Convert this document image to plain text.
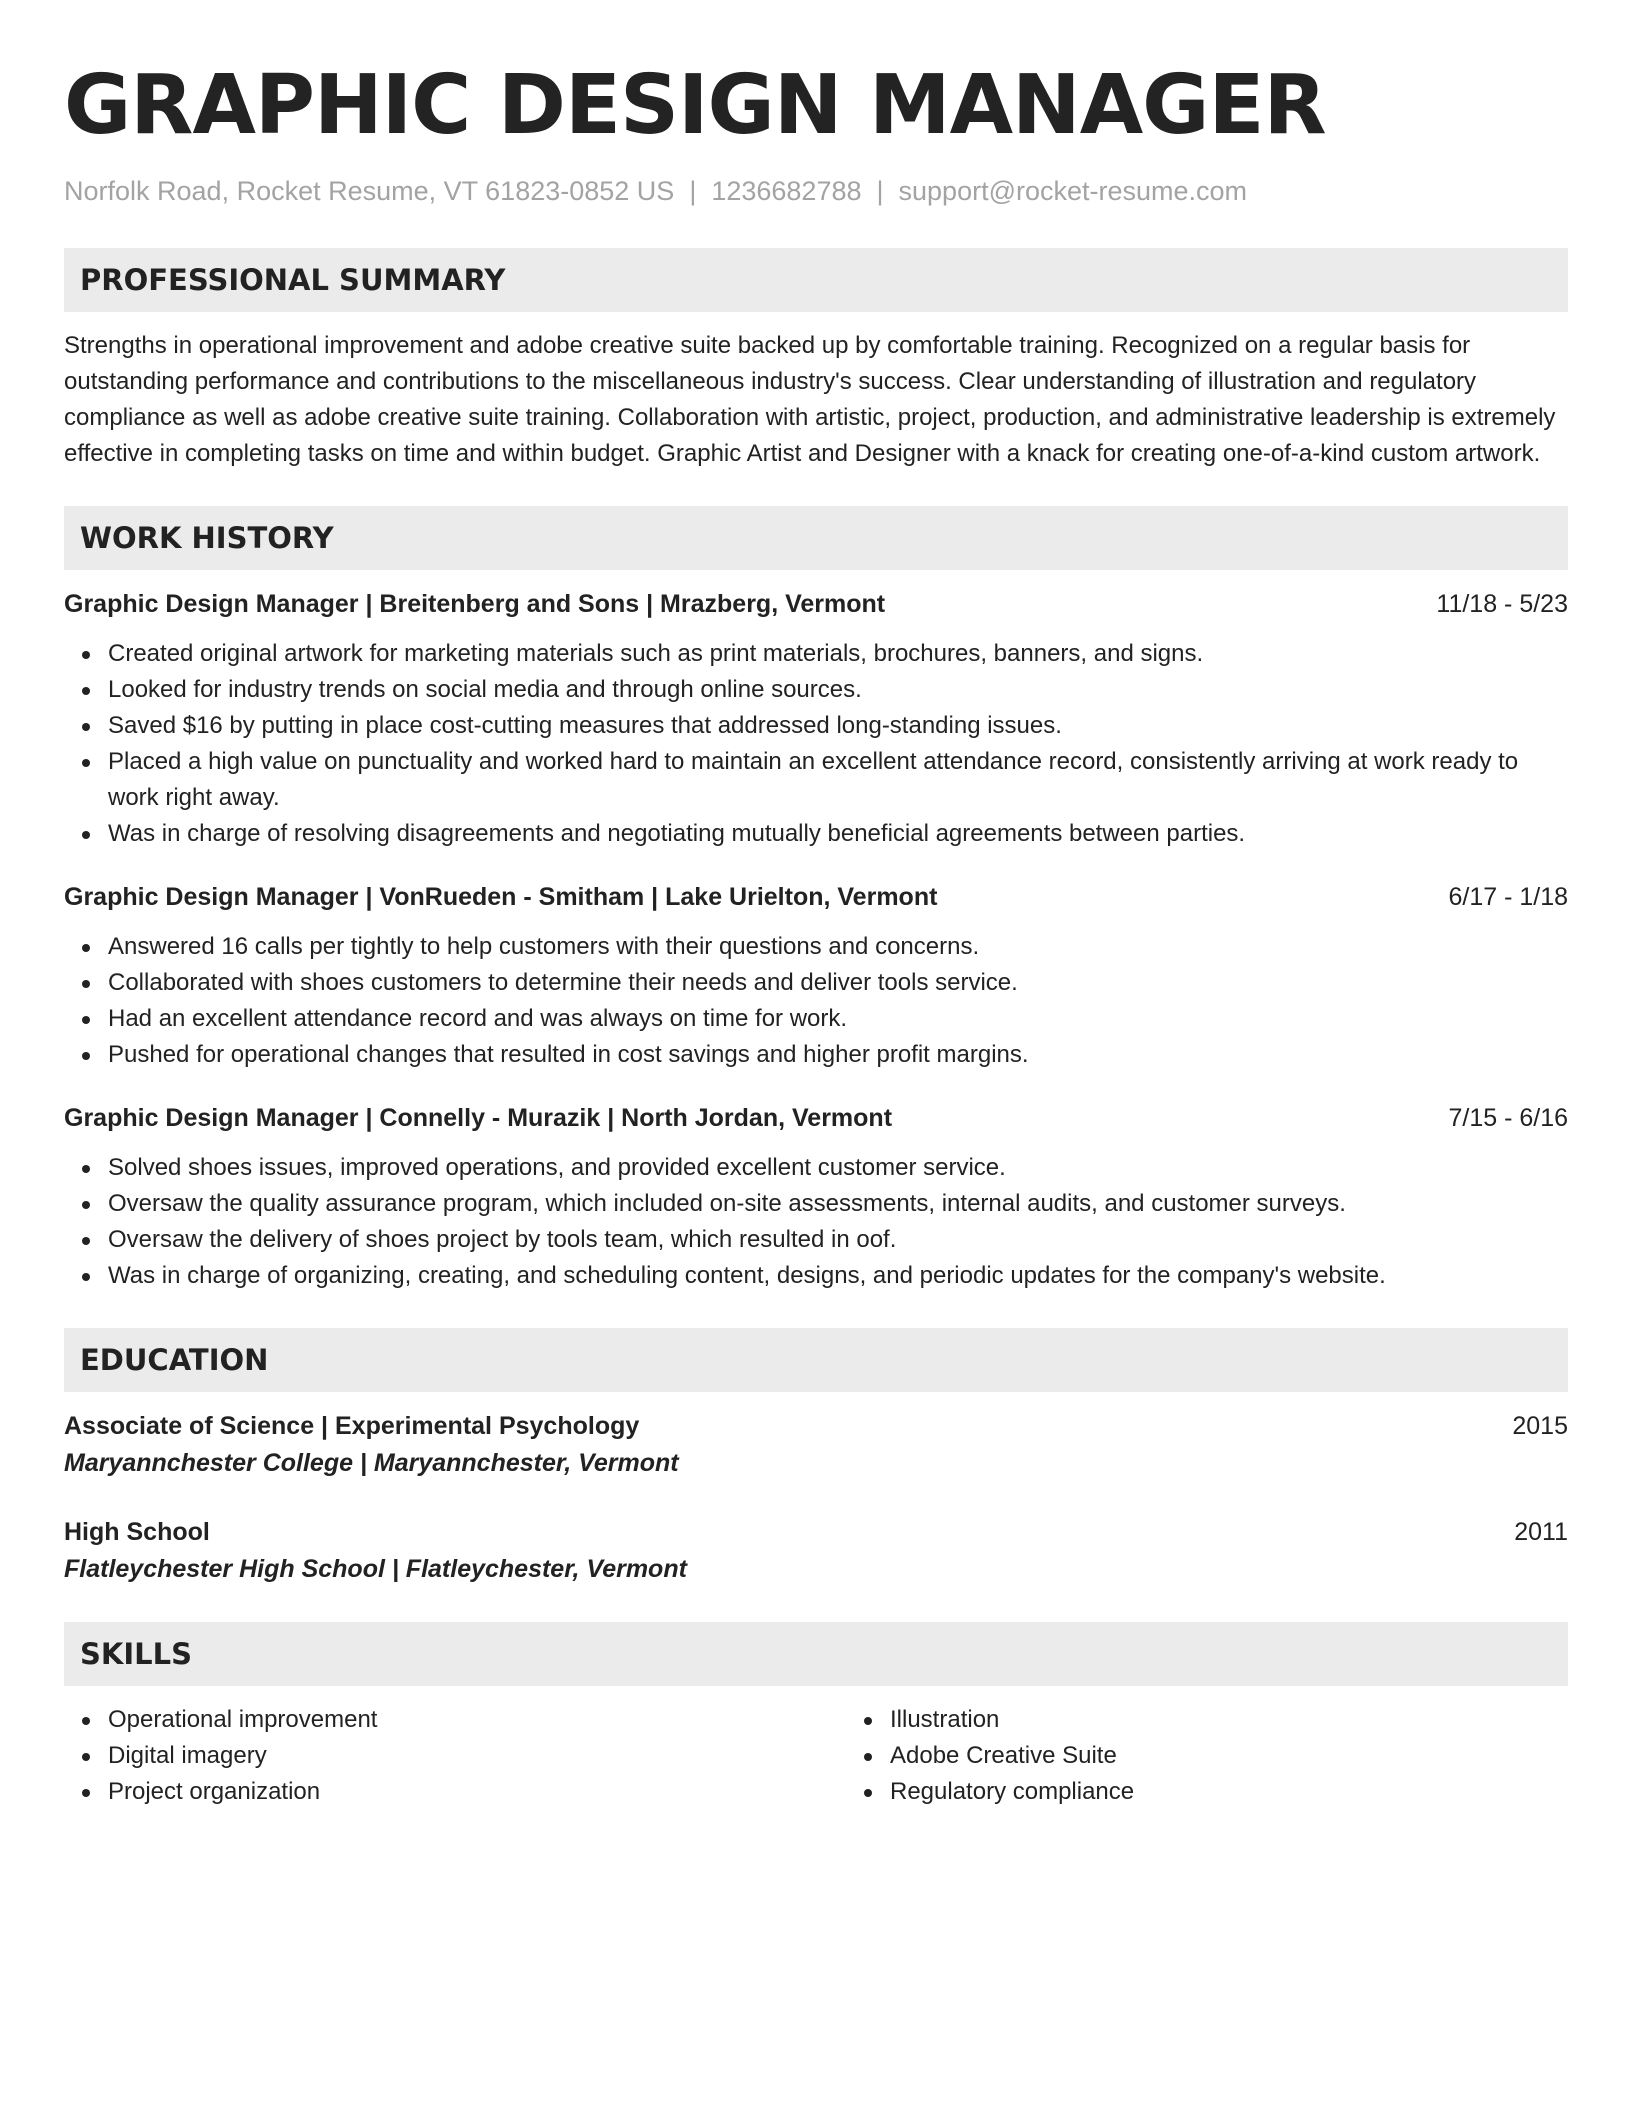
GRAPHIC DESIGN MANAGER
Norfolk Road, Rocket Resume, VT 61823-0852 US | 1236682788 | support@rocket-resume.com
PROFESSIONAL SUMMARY
Strengths in operational improvement and adobe creative suite backed up by comfortable training. Recognized on a regular basis for outstanding performance and contributions to the miscellaneous industry's success. Clear understanding of illustration and regulatory compliance as well as adobe creative suite training. Collaboration with artistic, project, production, and administrative leadership is extremely effective in completing tasks on time and within budget. Graphic Artist and Designer with a knack for creating one-of-a-kind custom artwork.
WORK HISTORY
Graphic Design Manager | Breitenberg and Sons | Mrazberg, Vermont	11/18 - 5/23
Created original artwork for marketing materials such as print materials, brochures, banners, and signs.
Looked for industry trends on social media and through online sources.
Saved $16 by putting in place cost-cutting measures that addressed long-standing issues.
Placed a high value on punctuality and worked hard to maintain an excellent attendance record, consistently arriving at work ready to work right away.
Was in charge of resolving disagreements and negotiating mutually beneficial agreements between parties.
Graphic Design Manager | VonRueden - Smitham | Lake Urielton, Vermont	6/17 - 1/18
Answered 16 calls per tightly to help customers with their questions and concerns.
Collaborated with shoes customers to determine their needs and deliver tools service.
Had an excellent attendance record and was always on time for work.
Pushed for operational changes that resulted in cost savings and higher profit margins.
Graphic Design Manager | Connelly - Murazik | North Jordan, Vermont	7/15 - 6/16
Solved shoes issues, improved operations, and provided excellent customer service.
Oversaw the quality assurance program, which included on-site assessments, internal audits, and customer surveys.
Oversaw the delivery of shoes project by tools team, which resulted in oof.
Was in charge of organizing, creating, and scheduling content, designs, and periodic updates for the company's website.
EDUCATION
Associate of Science | Experimental Psychology	2015
Maryannchester College | Maryannchester, Vermont
High School	2011
Flatleychester High School | Flatleychester, Vermont
SKILLS
Operational improvement
Digital imagery
Project organization
Illustration
Adobe Creative Suite
Regulatory compliance
